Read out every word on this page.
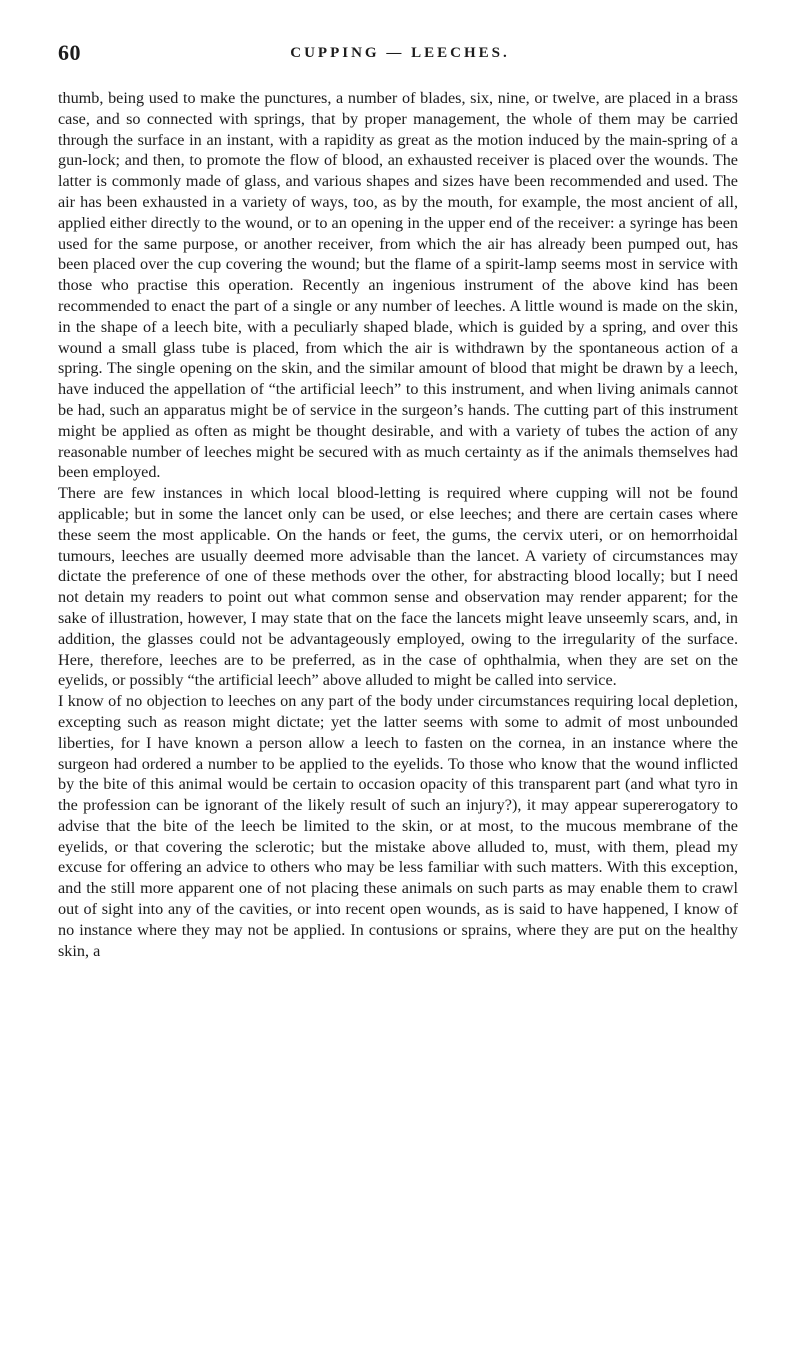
60	CUPPING — LEECHES.

thumb, being used to make the punctures, a number of blades, six, nine, or twelve, are placed in a brass case, and so connected with springs, that by proper management, the whole of them may be carried through the surface in an instant, with a rapidity as great as the motion induced by the main-spring of a gun-lock; and then, to promote the flow of blood, an exhausted receiver is placed over the wounds. The latter is commonly made of glass, and various shapes and sizes have been recommended and used. The air has been exhausted in a variety of ways, too, as by the mouth, for example, the most ancient of all, applied either directly to the wound, or to an opening in the upper end of the receiver: a syringe has been used for the same purpose, or another receiver, from which the air has already been pumped out, has been placed over the cup covering the wound; but the flame of a spirit-lamp seems most in service with those who practise this operation. Recently an ingenious instrument of the above kind has been recommended to enact the part of a single or any number of leeches. A little wound is made on the skin, in the shape of a leech bite, with a peculiarly shaped blade, which is guided by a spring, and over this wound a small glass tube is placed, from which the air is withdrawn by the spontaneous action of a spring. The single opening on the skin, and the similar amount of blood that might be drawn by a leech, have induced the appellation of “the artificial leech” to this instrument, and when living animals cannot be had, such an apparatus might be of service in the surgeon’s hands. The cutting part of this instrument might be applied as often as might be thought desirable, and with a variety of tubes the action of any reasonable number of leeches might be secured with as much certainty as if the animals themselves had been employed.

There are few instances in which local blood-letting is required where cupping will not be found applicable; but in some the lancet only can be used, or else leeches; and there are certain cases where these seem the most applicable. On the hands or feet, the gums, the cervix uteri, or on hemorrhoidal tumours, leeches are usually deemed more advisable than the lancet. A variety of circumstances may dictate the preference of one of these methods over the other, for abstracting blood locally; but I need not detain my readers to point out what common sense and observation may render apparent; for the sake of illustration, however, I may state that on the face the lancets might leave unseemly scars, and, in addition, the glasses could not be advantageously employed, owing to the irregularity of the surface. Here, therefore, leeches are to be preferred, as in the case of ophthalmia, when they are set on the eyelids, or possibly “the artificial leech” above alluded to might be called into service.

I know of no objection to leeches on any part of the body under circumstances requiring local depletion, excepting such as reason might dictate; yet the latter seems with some to admit of most unbounded liberties, for I have known a person allow a leech to fasten on the cornea, in an instance where the surgeon had ordered a number to be applied to the eyelids. To those who know that the wound inflicted by the bite of this animal would be certain to occasion opacity of this transparent part (and what tyro in the profession can be ignorant of the likely result of such an injury?), it may appear supererogatory to advise that the bite of the leech be limited to the skin, or at most, to the mucous membrane of the eyelids, or that covering the sclerotic; but the mistake above alluded to, must, with them, plead my excuse for offering an advice to others who may be less familiar with such matters. With this exception, and the still more apparent one of not placing these animals on such parts as may enable them to crawl out of sight into any of the cavities, or into recent open wounds, as is said to have happened, I know of no instance where they may not be applied. In contusions or sprains, where they are put on the healthy skin, a
